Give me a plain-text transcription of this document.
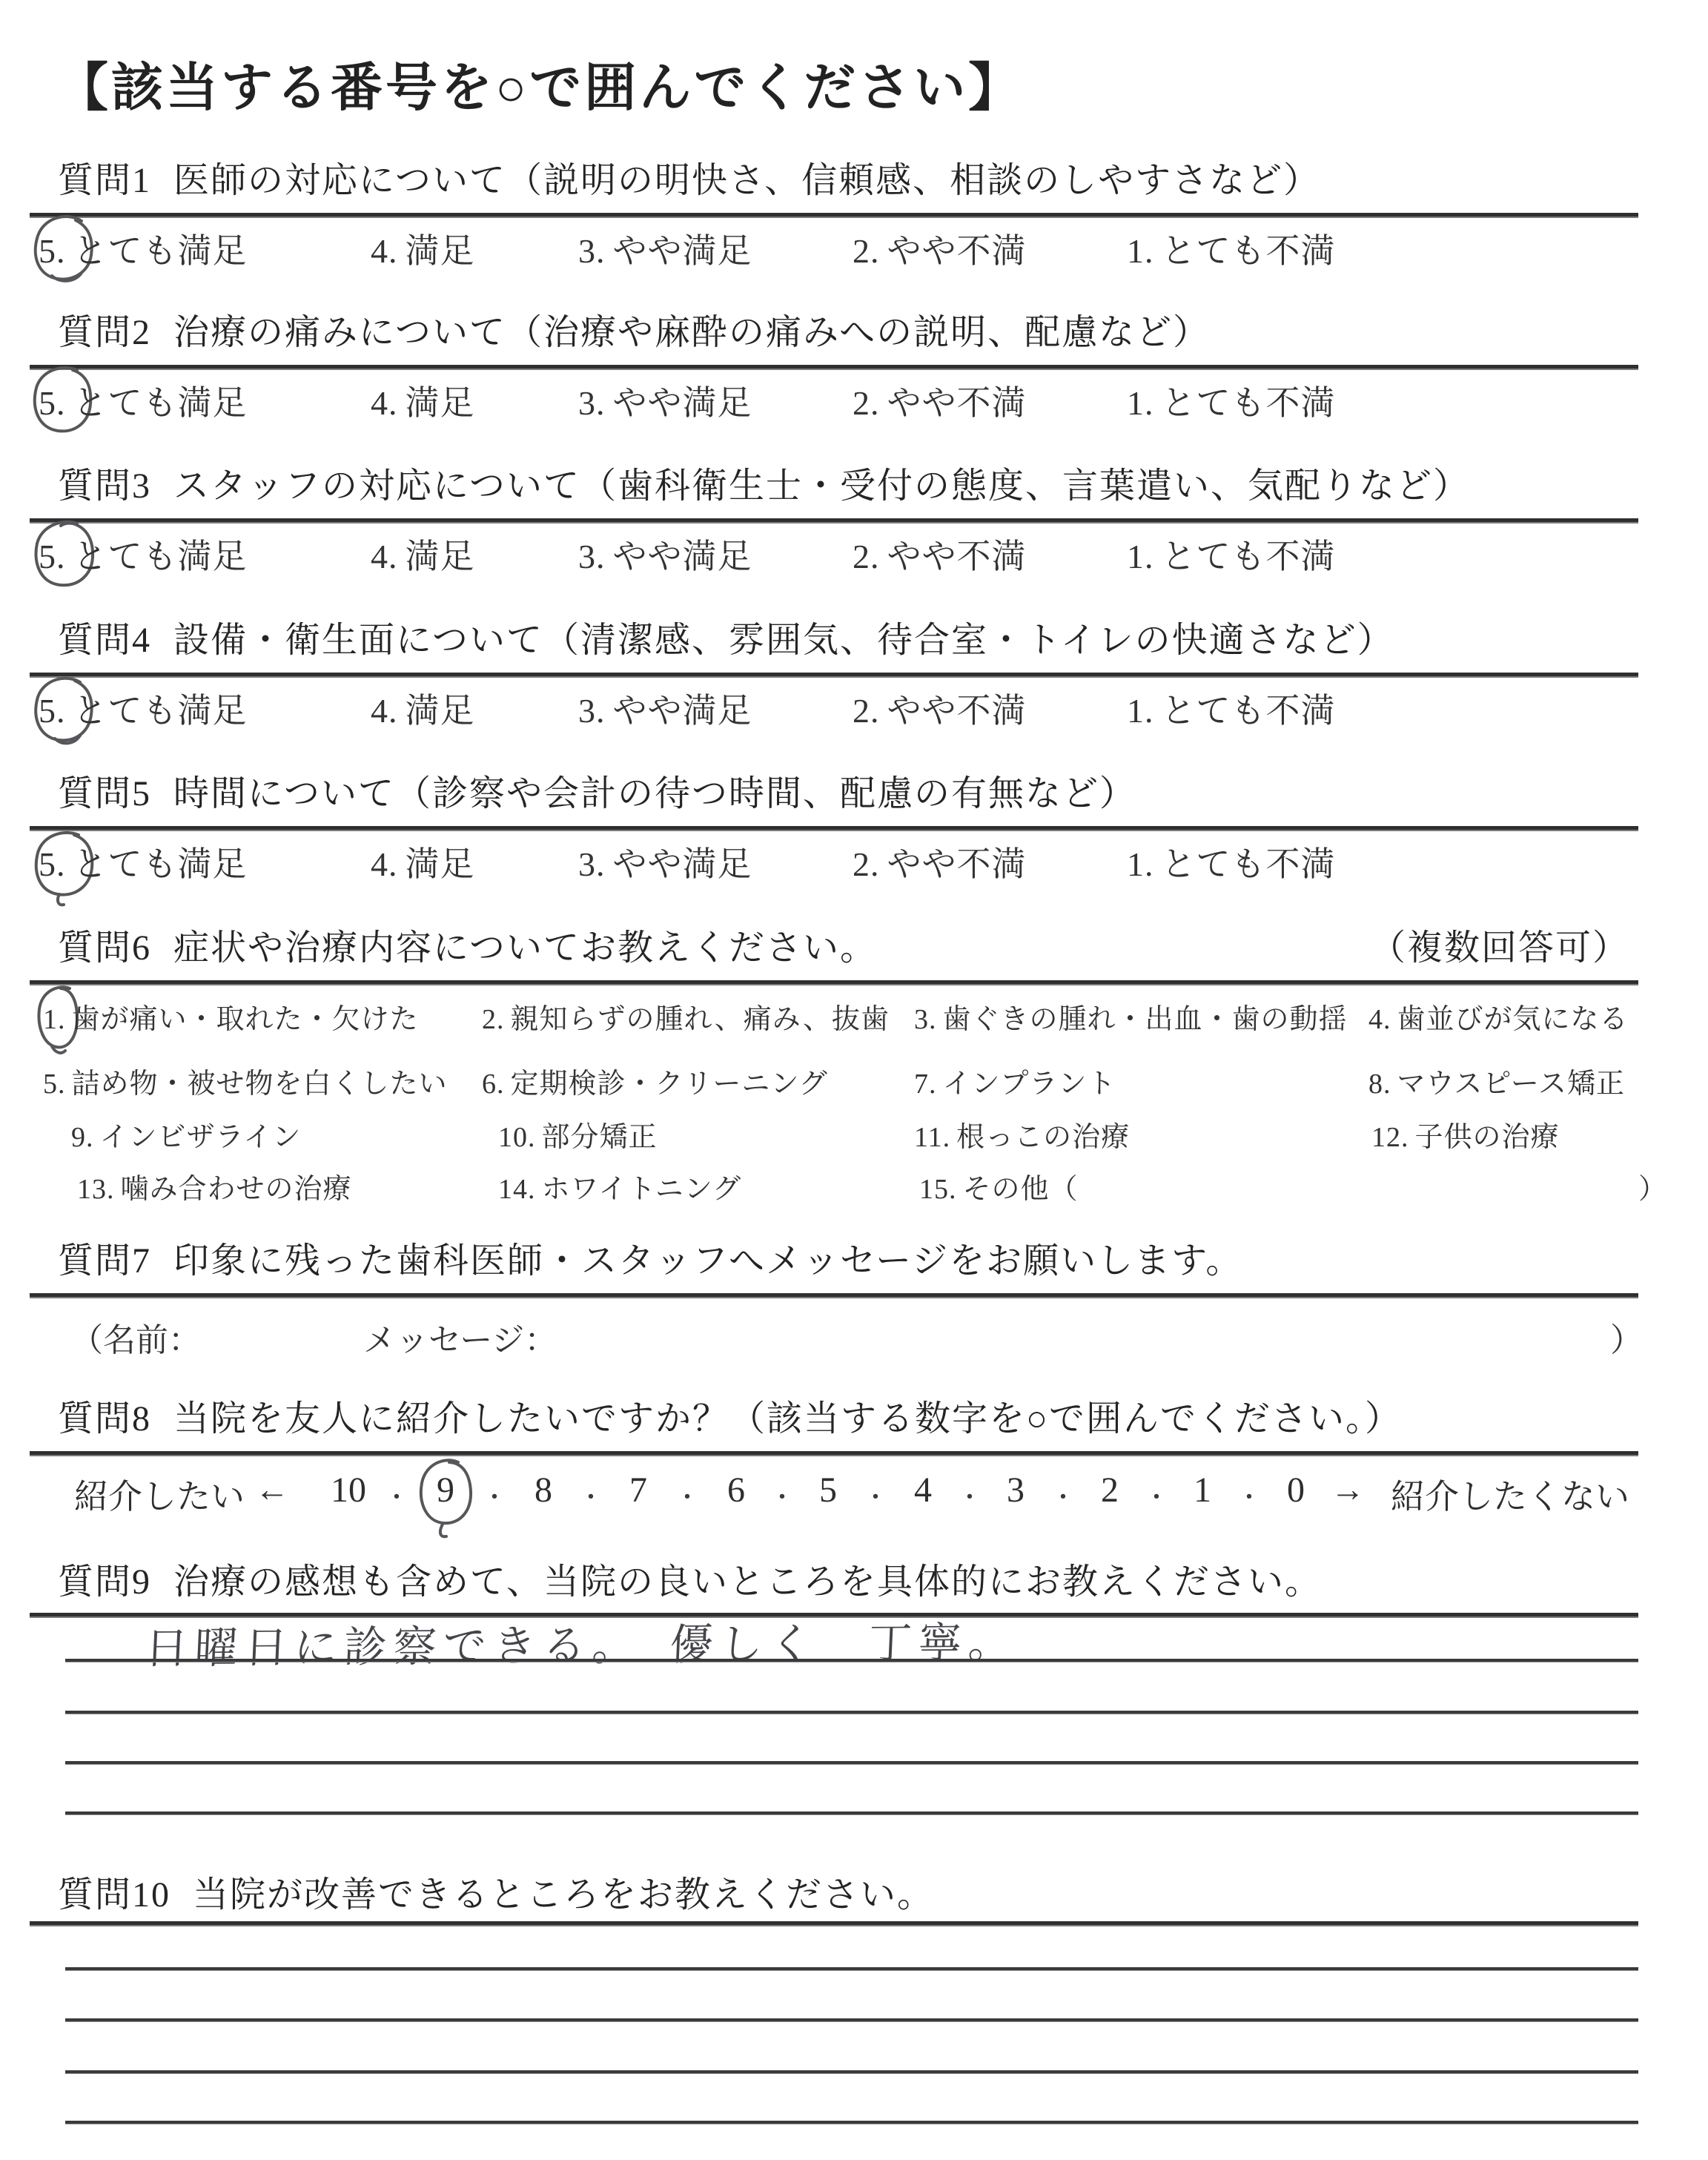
【該当する番号を○で囲んでください】
質問1 医師の対応について（説明の明快さ、信頼感、相談のしやすさなど）
5. とても満足	4. 満足	3. やや満足	2. やや不満	1. とても不満
質問2 治療の痛みについて（治療や麻酔の痛みへの説明、配慮など）
5. とても満足	4. 満足	3. やや満足	2. やや不満	1. とても不満
質問3 スタッフの対応について（歯科衛生士・受付の態度、言葉遣い、気配りなど）
5. とても満足	4. 満足	3. やや満足	2. やや不満	1. とても不満
質問4 設備・衛生面について（清潔感、雰囲気、待合室・トイレの快適さなど）
5. とても満足	4. 満足	3. やや満足	2. やや不満	1. とても不満
質問5 時間について（診察や会計の待つ時間、配慮の有無など）
5. とても満足	4. 満足	3. やや満足	2. やや不満	1. とても不満
質問6 症状や治療内容についてお教えください。	（複数回答可）
1. 歯が痛い・取れた・欠けた 2. 親知らずの腫れ、痛み、抜歯 3. 歯ぐきの腫れ・出血・歯の動揺 4. 歯並びが気になる
5. 詰め物・被せ物を白くしたい 6. 定期検診・クリーニング	7. インプラント	8. マウスピース矯正
9. インビザライン	10. 部分矯正	11. 根っこの治療	12. 子供の治療
13. 噛み合わせの治療	14. ホワイトニング	15. その他（	）
質問7 印象に残った歯科医師・スタッフへメッセージをお願いします。
（名前：	メッセージ：	）
質問8 当院を友人に紹介したいですか？（該当する数字を○で囲んでください。）
紹介したい ← 10 ・ 9 ・ 8 ・ 7 ・ 6 ・ 5 ・ 4 ・ 3 ・ 2 ・ 1 ・ 0 → 紹介したくない
質問9 治療の感想も含めて、当院の良いところを具体的にお教えください。
日曜日に診察できる。　優しく　丁寧。
質問10 当院が改善できるところをお教えください。
